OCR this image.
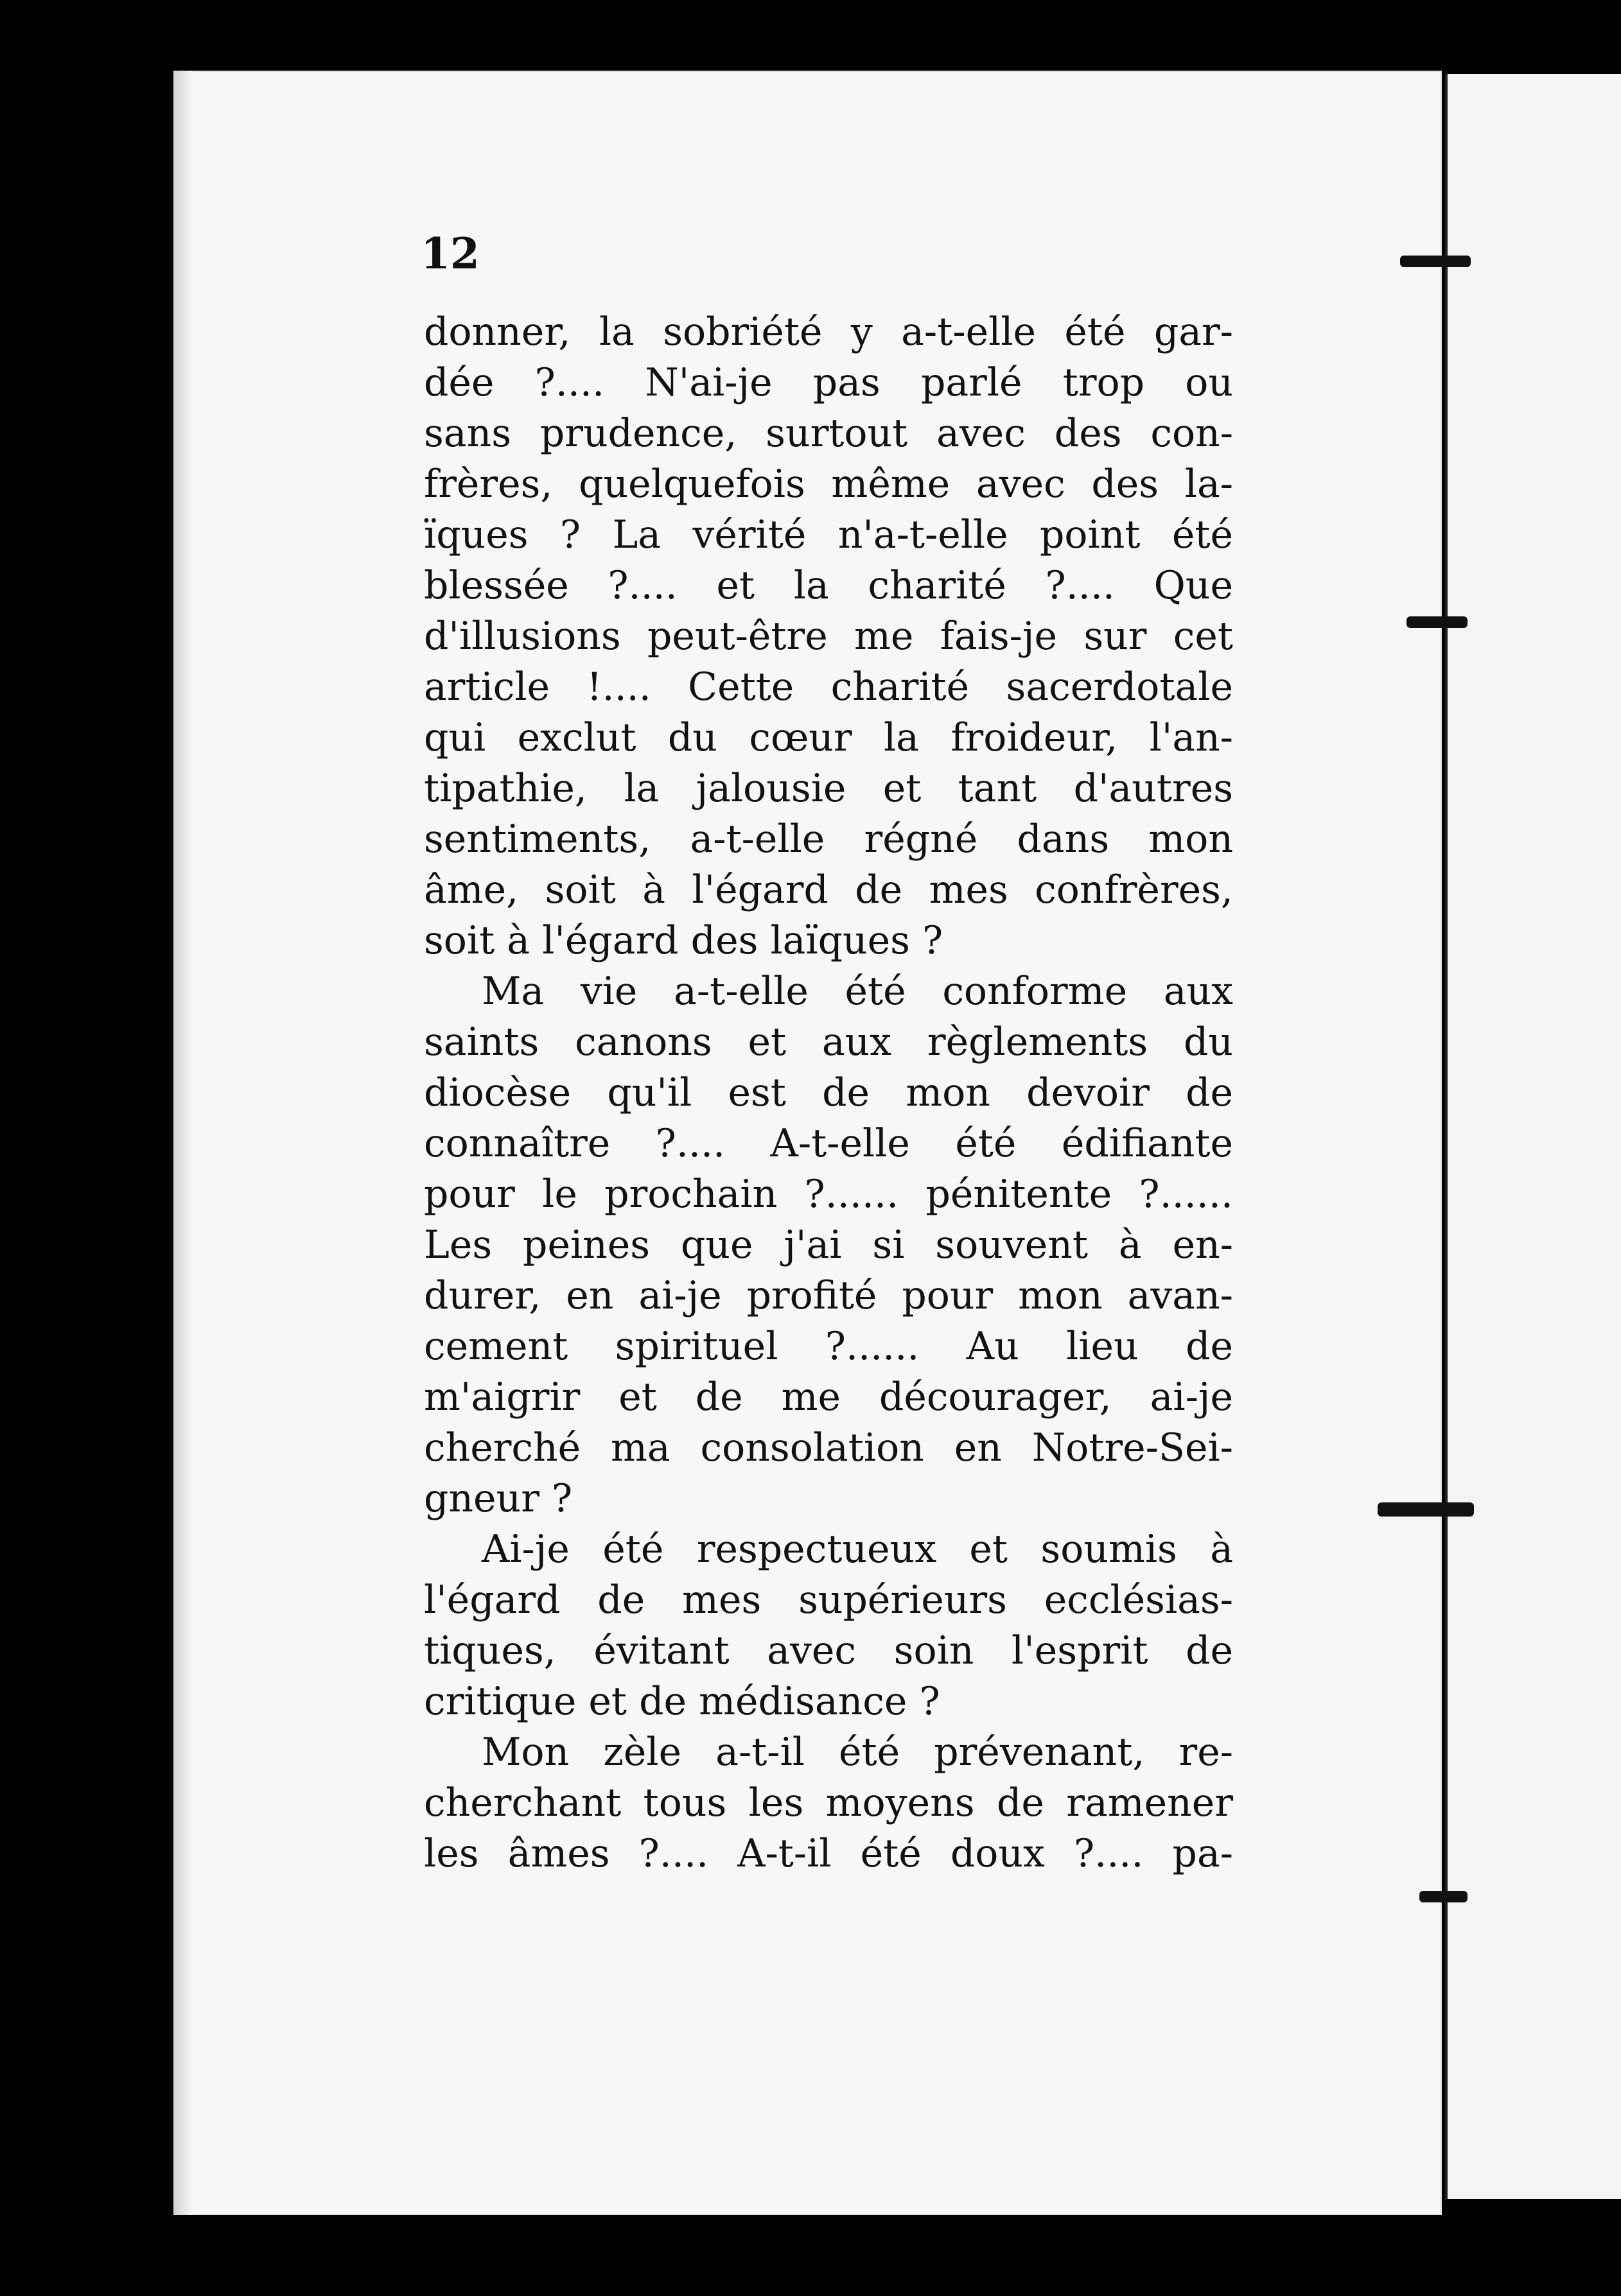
12
donner, la sobriété y a-t-elle été gar-
dée ?.... N'ai-je pas parlé trop ou
sans prudence, surtout avec des con-
frères, quelquefois même avec des la-
ïques ? La vérité n'a-t-elle point été
blessée ?.... et la charité ?.... Que
d'illusions peut-être me fais-je sur cet
article !.... Cette charité sacerdotale
qui exclut du cœur la froideur, l'an-
tipathie, la jalousie et tant d'autres
sentiments, a-t-elle régné dans mon
âme, soit à l'égard de mes confrères,
soit à l'égard des laïques ?
Ma vie a-t-elle été conforme aux
saints canons et aux règlements du
diocèse qu'il est de mon devoir de
connaître ?.... A-t-elle été édifiante
pour le prochain ?...... pénitente ?......
Les peines que j'ai si souvent à en-
durer, en ai-je profité pour mon avan-
cement spirituel ?...... Au lieu de
m'aigrir et de me décourager, ai-je
cherché ma consolation en Notre-Sei-
gneur ?
Ai-je été respectueux et soumis à
l'égard de mes supérieurs ecclésias-
tiques, évitant avec soin l'esprit de
critique et de médisance ?
Mon zèle a-t-il été prévenant, re-
cherchant tous les moyens de ramener
les âmes ?.... A-t-il été doux ?.... pa-
